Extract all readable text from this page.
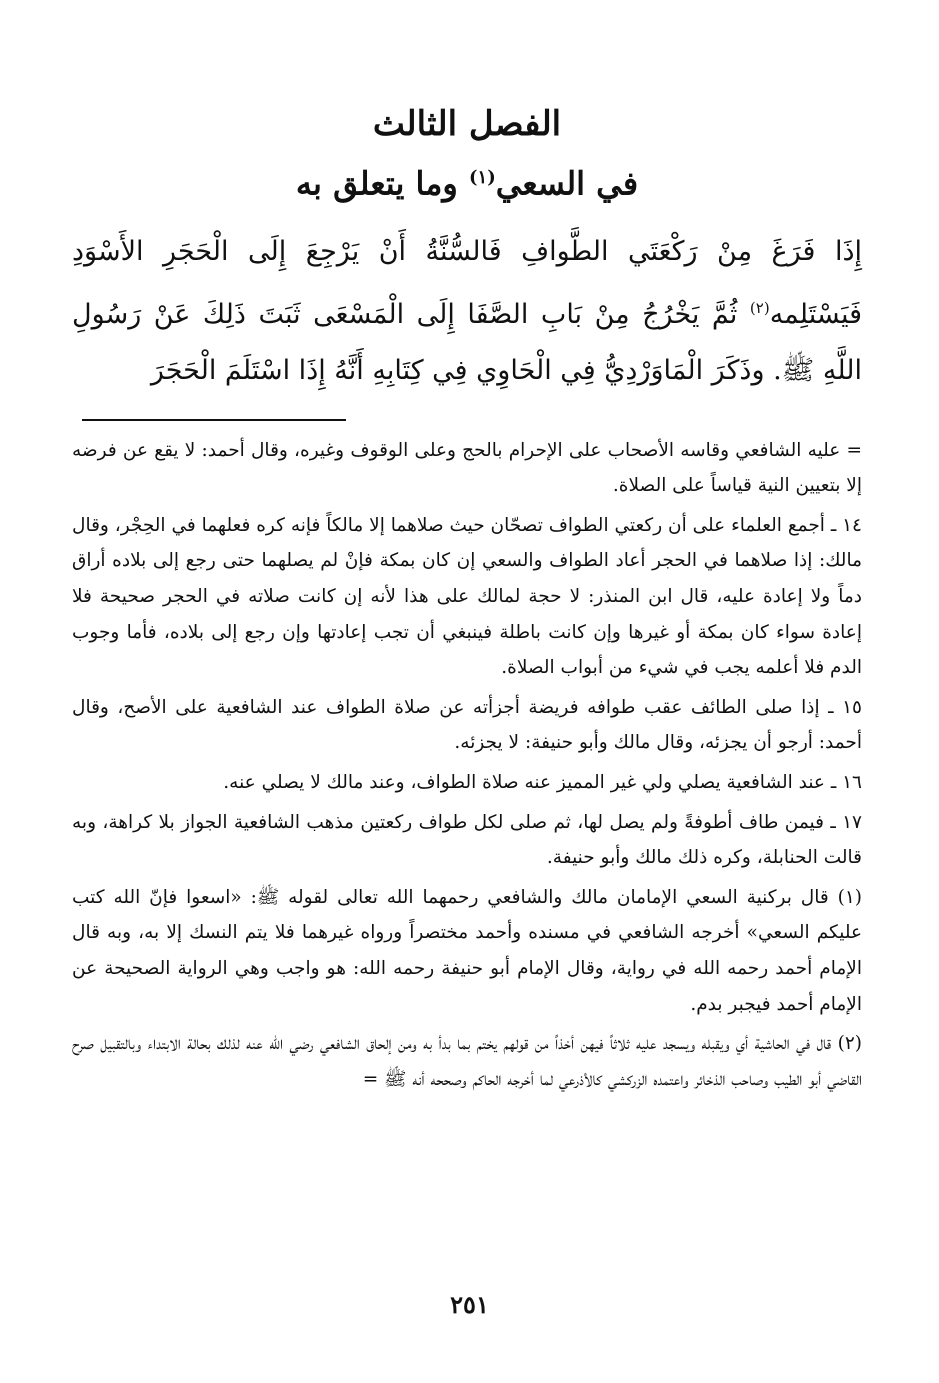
الفصل الثالث
في السعي$^{(١)}$ وما يتعلق به

إِذَا فَرَغَ مِنْ رَكْعَتَي الطَّوافِ فَالسُّنَّةُ أَنْ يَرْجِعَ إِلَى الْحَجَرِ الأَسْوَدِ فَيَسْتَلِمه$^{(٢)}$ ثُمَّ يَخْرُجُ مِنْ بَابِ الصَّفَا إِلَى الْمَسْعَى ثَبَتَ ذَلِكَ عَنْ رَسُولِ اللَّهِ ﷺ. وذَكَرَ الْمَاوَرْدِيُّ فِي الْحَاوِي فِي كِتَابِهِ أَنَّهُ إِذَا اسْتَلَمَ الْحَجَرَ

= عليه الشافعي وقاسه الأصحاب على الإحرام بالحج وعلى الوقوف وغيره، وقال أحمد: لا يقع عن فرضه إلا بتعيين النية قياساً على الصلاة.

١٤ ـ أجمع العلماء على أن ركعتي الطواف تصحّان حيث صلاهما إلا مالكاً فإنه كره فعلهما في الحِجْر، وقال مالك: إذا صلاهما في الحجر أعاد الطواف والسعي إن كان بمكة فإنْ لم يصلهما حتى رجع إلى بلاده أراق دماً ولا إعادة عليه، قال ابن المنذر: لا حجة لمالك على هذا لأنه إن كانت صلاته في الحجر صحيحة فلا إعادة سواء كان بمكة أو غيرها وإن كانت باطلة فينبغي أن تجب إعادتها وإن رجع إلى بلاده، فأما وجوب الدم فلا أعلمه يجب في شيء من أبواب الصلاة.

١٥ ـ إذا صلى الطائف عقب طوافه فريضة أجزأته عن صلاة الطواف عند الشافعية على الأصح، وقال أحمد: أرجو أن يجزئه، وقال مالك وأبو حنيفة: لا يجزئه.

١٦ ـ عند الشافعية يصلي ولي غير المميز عنه صلاة الطواف، وعند مالك لا يصلي عنه.

١٧ ـ فيمن طاف أطوفةً ولم يصل لها، ثم صلى لكل طواف ركعتين مذهب الشافعية الجواز بلا كراهة، وبه قالت الحنابلة، وكره ذلك مالك وأبو حنيفة.

(١) قال بركنية السعي الإمامان مالك والشافعي رحمهما الله تعالى لقوله ﷺ: «اسعوا فإنّ الله كتب عليكم السعي» أخرجه الشافعي في مسنده وأحمد مختصراً ورواه غيرهما فلا يتم النسك إلا به، وبه قال الإمام أحمد رحمه الله في رواية، وقال الإمام أبو حنيفة رحمه الله: هو واجب وهي الرواية الصحيحة عن الإمام أحمد فيجبر بدم.

(٢) قال في الحاشية أي ويقبله ويسجد عليه ثلاثاً فيهن أخذاً من قولهم يختم بما بدأ به ومن إلحاق الشافعي رضي الله عنه لذلك بحالة الابتداء وبالتقبيل صرح القاضي أبو الطيب وصاحب الذخائر واعتمده الزركشي كالأذرعي لما أخرجه الحاكم وصححه أنه ﷺ =

٢٥١
